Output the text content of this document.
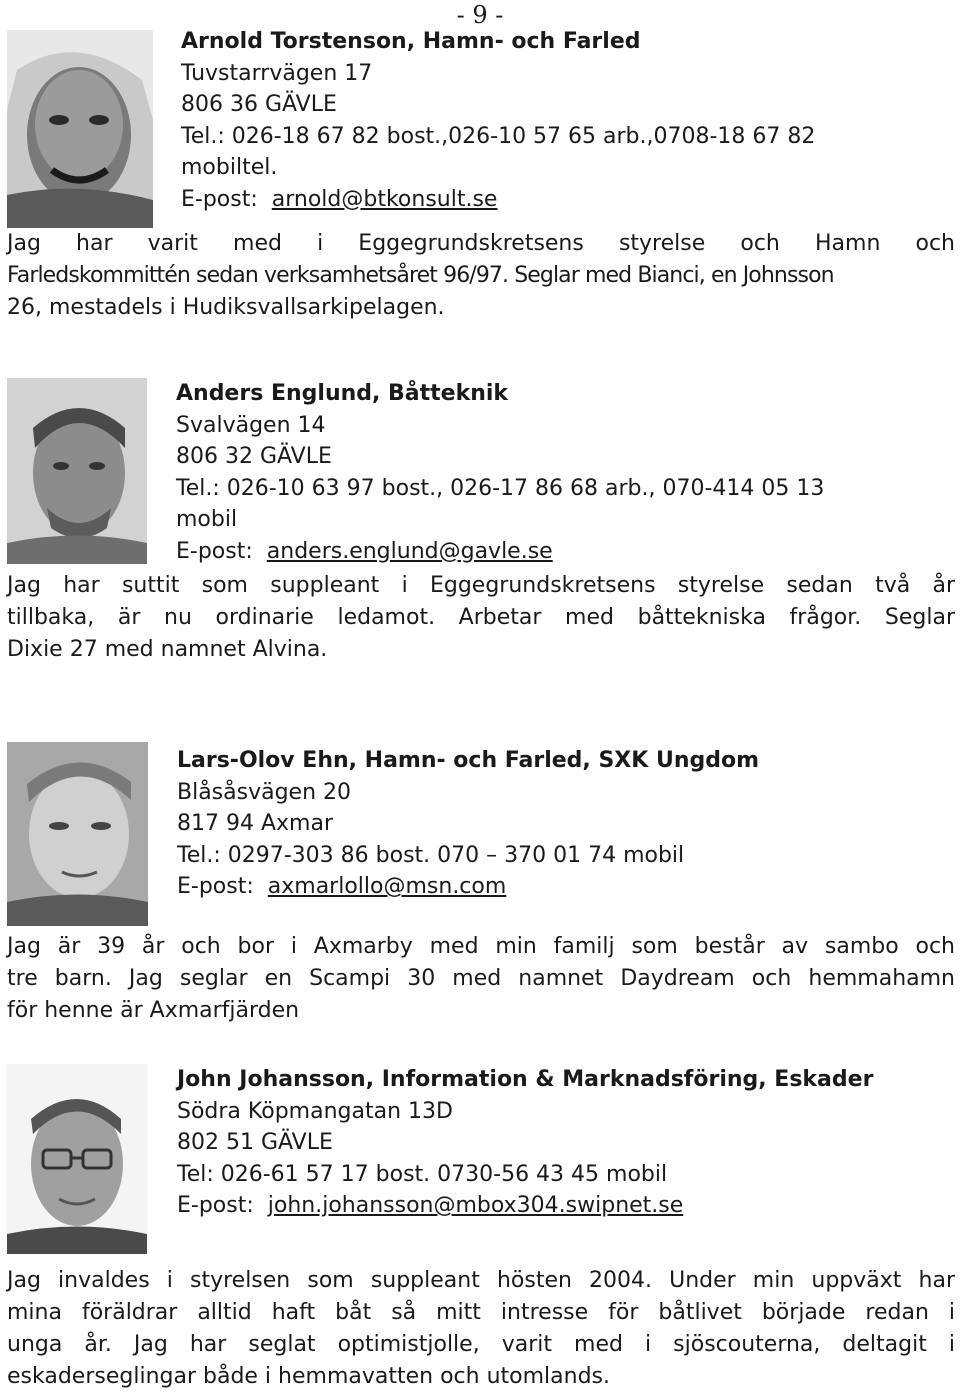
- 9 -
Arnold Torstenson, Hamn- och Farled
Tuvstarrvägen 17
806 36 GÄVLE
Tel.: 026-18 67 82 bost.,026-10 57 65 arb.,0708-18 67 82
mobiltel.
E-post: arnold@btkonsult.se
Jag har varit med i Eggegrundskretsens styrelse och Hamn och
Farledskommittén sedan verksamhetsåret 96/97. Seglar med Bianci, en Johnsson
26, mestadels i Hudiksvallsarkipelagen.
Anders Englund, Båtteknik
Svalvägen 14
806 32 GÄVLE
Tel.: 026-10 63 97 bost., 026-17 86 68 arb., 070-414 05 13
mobil
E-post: anders.englund@gavle.se
Jag har suttit som suppleant i Eggegrundskretsens styrelse sedan två år
tillbaka, är nu ordinarie ledamot. Arbetar med båttekniska frågor. Seglar
Dixie 27 med namnet Alvina.
Lars-Olov Ehn, Hamn- och Farled, SXK Ungdom
Blåsåsvägen 20
817 94 Axmar
Tel.: 0297-303 86 bost. 070 – 370 01 74 mobil
E-post: axmarlollo@msn.com
Jag är 39 år och bor i Axmarby med min familj som består av sambo och
tre barn. Jag seglar en Scampi 30 med namnet Daydream och hemmahamn
för henne är Axmarfjärden
John Johansson, Information & Marknadsföring, Eskader
Södra Köpmangatan 13D
802 51 GÄVLE
Tel: 026-61 57 17 bost. 0730-56 43 45 mobil
E-post: john.johansson@mbox304.swipnet.se
Jag invaldes i styrelsen som suppleant hösten 2004. Under min uppväxt har
mina föräldrar alltid haft båt så mitt intresse för båtlivet började redan i
unga år. Jag har seglat optimistjolle, varit med i sjöscouterna, deltagit i
eskaderseglingar både i hemmavatten och utomlands.
